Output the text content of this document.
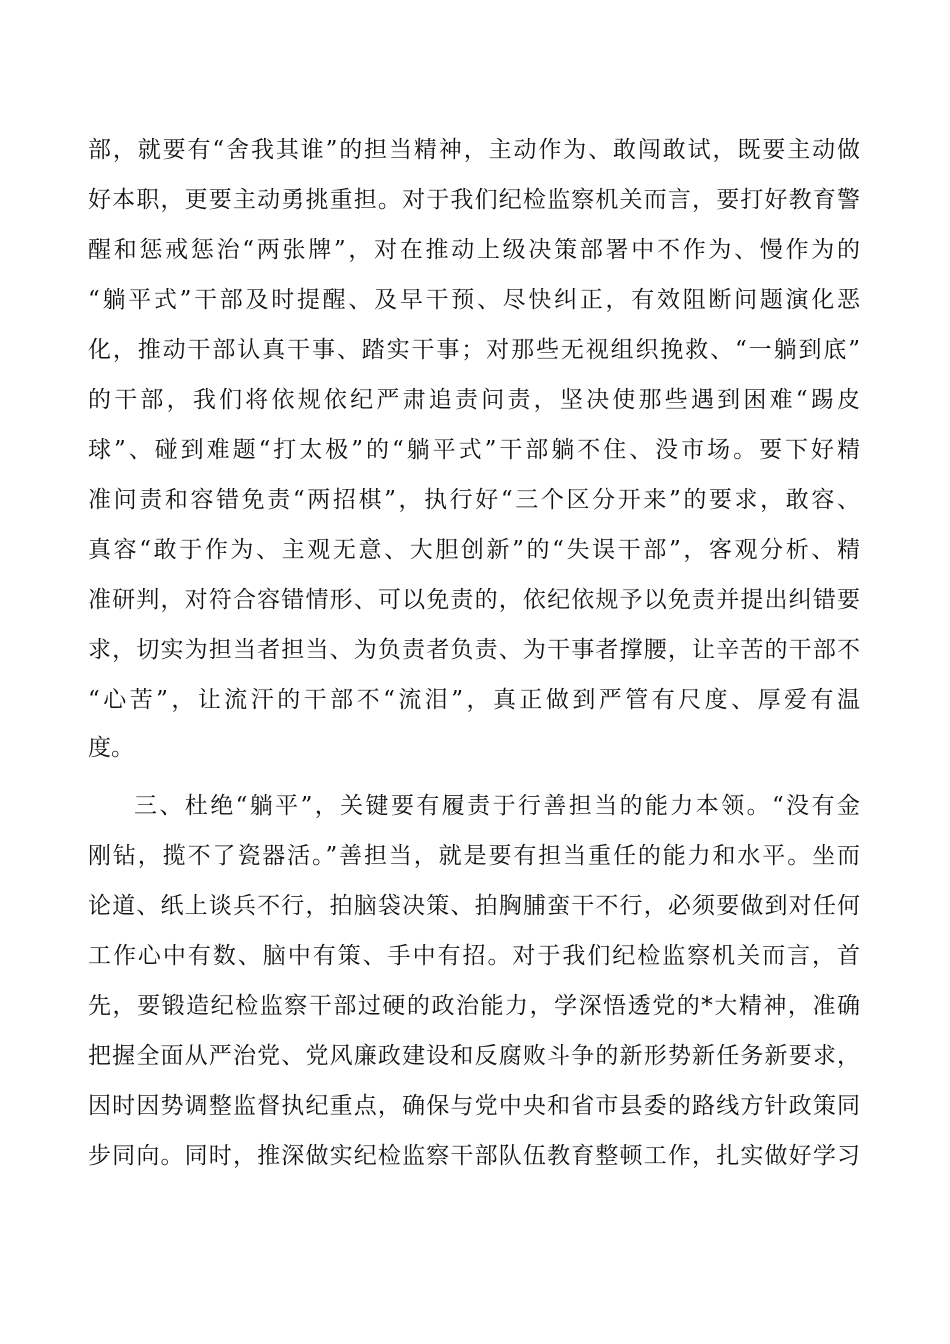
部，就要有“舍我其谁”的担当精神，主动作为、敢闯敢试，既要主动做
好本职，更要主动勇挑重担。对于我们纪检监察机关而言，要打好教育警
醒和惩戒惩治“两张牌”，对在推动上级决策部署中不作为、慢作为的
“躺平式”干部及时提醒、及早干预、尽快纠正，有效阻断问题演化恶
化，推动干部认真干事、踏实干事；对那些无视组织挽救、“一躺到底”
的干部，我们将依规依纪严肃追责问责，坚决使那些遇到困难“踢皮
球”、碰到难题“打太极”的“躺平式”干部躺不住、没市场。要下好精
准问责和容错免责“两招棋”，执行好“三个区分开来”的要求，敢容、
真容“敢于作为、主观无意、大胆创新”的“失误干部”，客观分析、精
准研判，对符合容错情形、可以免责的，依纪依规予以免责并提出纠错要
求，切实为担当者担当、为负责者负责、为干事者撑腰，让辛苦的干部不
“心苦”，让流汗的干部不“流泪”，真正做到严管有尺度、厚爱有温
度。
三、杜绝“躺平”，关键要有履责于行善担当的能力本领。“没有金
刚钻，揽不了瓷器活。”善担当，就是要有担当重任的能力和水平。坐而
论道、纸上谈兵不行，拍脑袋决策、拍胸脯蛮干不行，必须要做到对任何
工作心中有数、脑中有策、手中有招。对于我们纪检监察机关而言，首
先，要锻造纪检监察干部过硬的政治能力，学深悟透党的*大精神，准确
把握全面从严治党、党风廉政建设和反腐败斗争的新形势新任务新要求，
因时因势调整监督执纪重点，确保与党中央和省市县委的路线方针政策同
步同向。同时，推深做实纪检监察干部队伍教育整顿工作，扎实做好学习
